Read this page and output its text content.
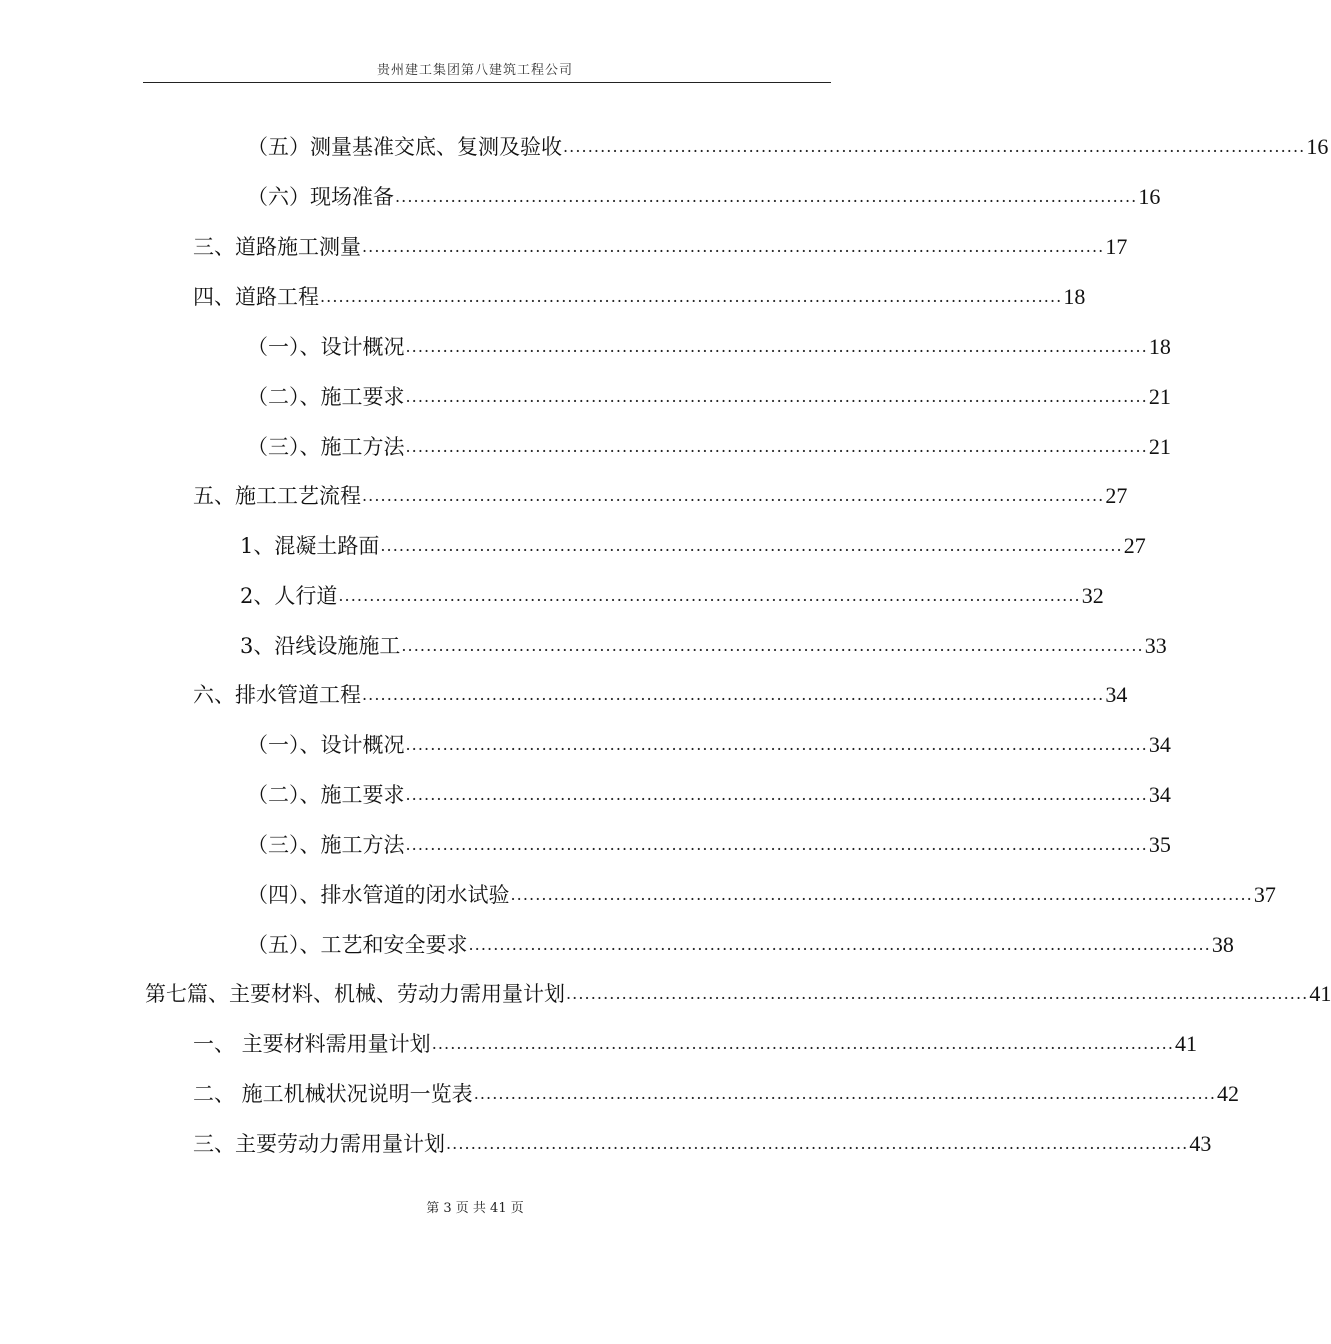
贵州建工集团第八建筑工程公司
（五）测量基准交底、复测及验收 ........................................................................................................................ 16
（六）现场准备 ........................................................................................................................ 16
三、道路施工测量 ........................................................................................................................ 17
四、道路工程 ........................................................................................................................ 18
（一）、设计概况 ........................................................................................................................ 18
（二）、施工要求 ........................................................................................................................ 21
（三）、施工方法 ........................................................................................................................ 21
五、施工工艺流程 ........................................................................................................................ 27
1、混凝土路面 ........................................................................................................................ 27
2、人行道 ........................................................................................................................ 32
3、沿线设施施工 ........................................................................................................................ 33
六、排水管道工程 ........................................................................................................................ 34
（一）、设计概况 ........................................................................................................................ 34
（二）、施工要求 ........................................................................................................................ 34
（三）、施工方法 ........................................................................................................................ 35
（四）、排水管道的闭水试验 ........................................................................................................................ 37
（五）、工艺和安全要求 ........................................................................................................................ 38
第七篇、主要材料、机械、劳动力需用量计划 ........................................................................................................................ 41
一、 主要材料需用量计划 ........................................................................................................................ 41
二、 施工机械状况说明一览表 ........................................................................................................................ 42
三、主要劳动力需用量计划 ........................................................................................................................ 43
第 3 页 共 41 页
